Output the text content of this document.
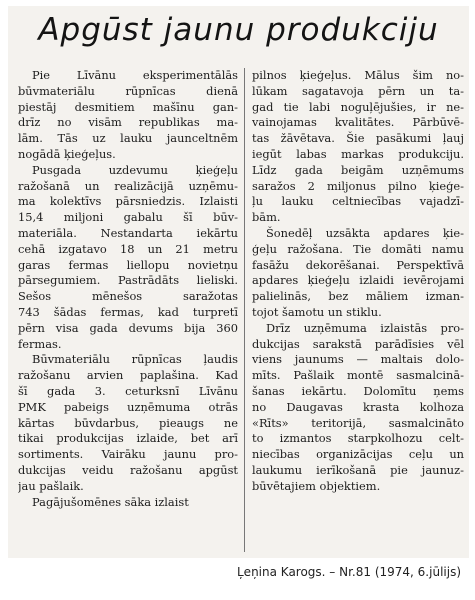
Apgūst jaunu produkciju
Pie Līvānu eksperimentālās
būvmateriālu rūpnīcas dienā
piestāj desmitiem mašīnu gan-
drīz no visām republikas ma-
lām. Tās uz lauku jaunceltnēm
nogādā ķieģeļus.
Pusgada uzdevumu ķieģeļu
ražošanā un realizācijā uzņēmu-
ma kolektīvs pārsniedzis. Izlaisti
15,4 miljoni gabalu šī būv-
materiāla. Nestandarta iekārtu
cehā izgatavo 18 un 21 metru
garas fermas liellopu novietņu
pārsegumiem. Pastrādāts lieliski.
Sešos mēnešos saražotas
743 šādas fermas, kad turpretī
pērn visa gada devums bija 360
fermas.
Būvmateriālu rūpnīcas ļaudis
ražošanu arvien paplašina. Kad
šī gada 3. ceturksnī Līvānu
PMK pabeigs uzņēmuma otrās
kārtas būvdarbus, pieaugs ne
tikai produkcijas izlaide, bet arī
sortiments. Vairāku jaunu pro-
dukcijas veidu ražošanu apgūst
jau pašlaik.
Pagājušomēnes sāka izlaist
pilnos ķieģeļus. Mālus šim no-
lūkam sagatavoja pērn un ta-
gad tie labi noguļējušies, ir ne-
vainojamas kvalitātes. Pārbūvē-
tas žāvētava. Šie pasākumi ļauj
iegūt labas markas produkciju.
Līdz gada beigām uzņēmums
saražos 2 miljonus pilno ķieģe-
ļu lauku celtniecības vajadzī-
bām.
Šonedēļ uzsākta apdares ķie-
ģeļu ražošana. Tie domāti namu
fasāžu dekorēšanai. Perspektīvā
apdares ķieģeļu izlaidi ievērojami
palielinās, bez māliem izman-
tojot šamotu un stiklu.
Drīz uzņēmuma izlaistās pro-
dukcijas sarakstā parādīsies vēl
viens jaunums — maltais dolo-
mīts. Pašlaik montē sasmalcinā-
šanas iekārtu. Dolomītu ņems
no Daugavas krasta kolhoza
«Rīts» teritorijā, sasmalcināto
to izmantos starpkolhozu celt-
niecības organizācijas ceļu un
laukumu ierīkošanā pie jaunuz-
būvētajiem objektiem.
Ļeņina Karogs. – Nr.81 (1974, 6.jūlijs)
